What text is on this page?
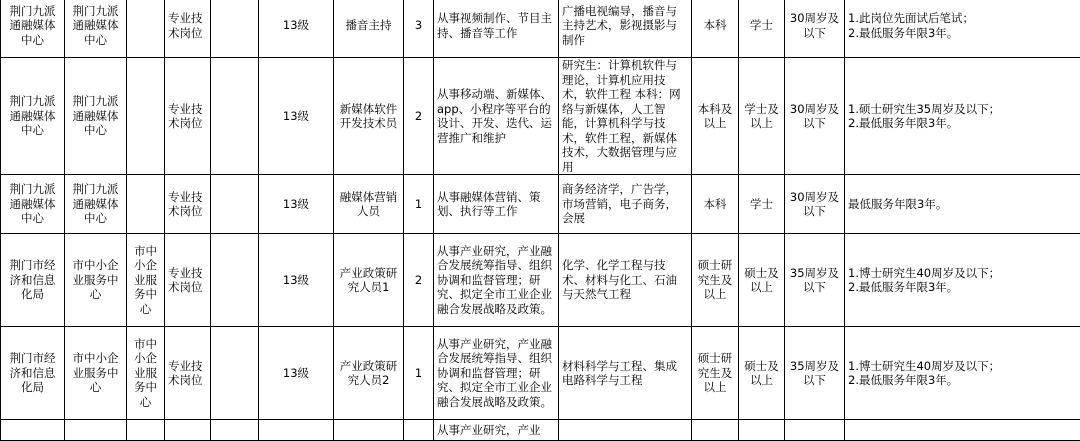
荆门九派通融媒体中心	荆门九派通融媒体中心		专业技术岗位		13级	播音主持	3	从事视频制作、节目主持、播音等工作	广播电视编导，播音与主持艺术，影视摄影与制作	本科	学士	30周岁及以下	1.此岗位先面试后笔试；
2.最低服务年限3年。

荆门九派通融媒体中心	荆门九派通融媒体中心		专业技术岗位		13级	新媒体软件开发技术员	2	从事移动端、新媒体、app、小程序等平台的设计、开发、迭代、运营推广和维护	研究生：计算机软件与理论，计算机应用技术，软件工程 本科：网络与新媒体，人工智能，计算机科学与技术，软件工程，新媒体技术，大数据管理与应用	本科及以上	学士及以上	30周岁及以下	1.硕士研究生35周岁及以下；
2.最低服务年限3年。

荆门九派通融媒体中心	荆门九派通融媒体中心		专业技术岗位		13级	融媒体营销人员	1	从事融媒体营销、策划、执行等工作	商务经济学，广告学，市场营销，电子商务，会展	本科	学士	30周岁及以下	最低服务年限3年。

荆门市经济和信息化局	市中小企业服务中心	市中小企业服务中心	专业技术岗位		13级	产业政策研究人员1	2	从事产业研究，产业融合发展统筹指导、组织协调和监督管理；研究、拟定全市工业企业融合发展战略及政策。	化学、化学工程与技术、材料与化工、石油与天然气工程	硕士研究生及以上	硕士及以上	35周岁及以下	1.博士研究生40周岁及以下；
2.最低服务年限3年。

荆门市经济和信息化局	市中小企业服务中心	市中小企业服务中心	专业技术岗位		13级	产业政策研究人员2	1	从事产业研究，产业融合发展统筹指导、组织协调和监督管理；研究、拟定全市工业企业融合发展战略及政策。	材料科学与工程、集成电路科学与工程	硕士研究生及以上	硕士及以上	35周岁及以下	1.博士研究生40周岁及以下；
2.最低服务年限3年。

								从事产业研究，产业					
